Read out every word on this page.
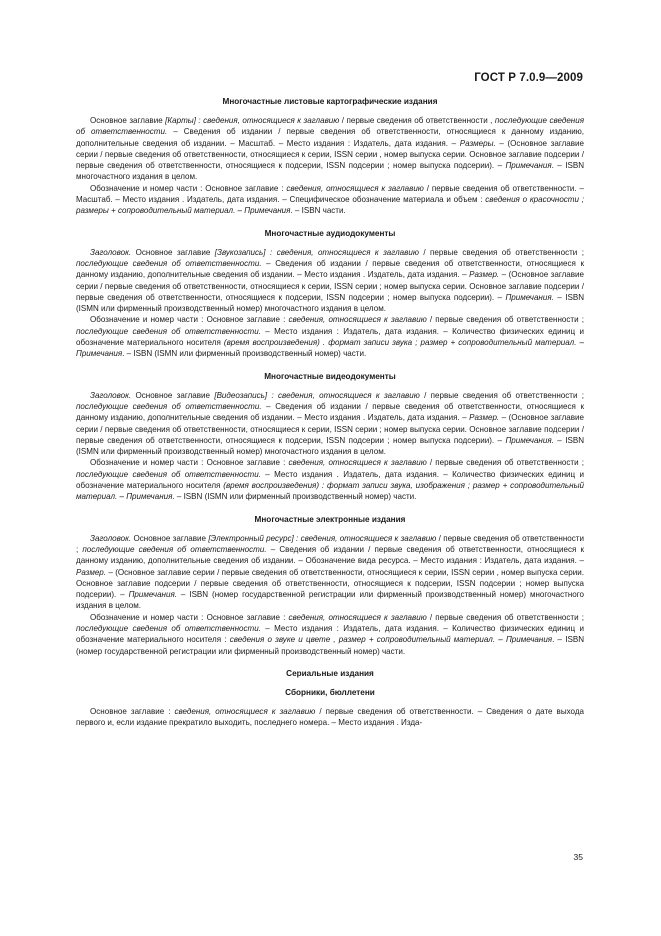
ГОСТ Р 7.0.9—2009
Многочастные листовые картографические издания

Основное заглавие [Карты] : сведения, относящиеся к заглавию / первые сведения об ответственности , последующие сведения об ответственности. – Сведения об издании / первые сведения об ответственности, относящиеся к данному изданию, дополнительные сведения об издании. – Масштаб. – Место издания : Издатель, дата издания. – Размеры. – (Основное заглавие серии / первые сведения об ответственности, относящиеся к серии, ISSN серии , номер выпуска серии. Основное заглавие подсерии / первые сведения об ответственности, относящиеся к подсерии, ISSN подсерии ; номер выпуска подсерии). – Примечания. – ISBN многочастного издания в целом.

Обозначение и номер части : Основное заглавие : сведения, относящиеся к заглавию / первые сведения об ответственности. – Масштаб. – Место издания . Издатель, дата издания. – Специфическое обозначение материала и объем : сведения о красочности ; размеры + сопроводительный материал. – Примечания. – ISBN части.

Многочастные аудиодокументы

Заголовок. Основное заглавие [Звукозапись] : сведения, относящиеся к заглавию / первые сведения об ответственности ; последующие сведения об ответственности. – Сведения об издании / первые сведения об ответственности, относящиеся к данному изданию, дополнительные сведения об издании. – Место издания . Издатель, дата издания. – Размер. – (Основное заглавие серии / первые сведения об ответственности, относящиеся к серии, ISSN серии ; номер выпуска серии. Основное заглавие подсерии / первые сведения об ответственности, относящиеся к подсерии, ISSN подсерии ; номер выпуска подсерии). – Примечания. – ISBN (ISMN или фирменный производственный номер) многочастного издания в целом.

Обозначение и номер части : Основное заглавие : сведения, относящиеся к заглавию / первые сведения об ответственности ; последующие сведения об ответственности. – Место издания : Издатель, дата издания. – Количество физических единиц и обозначение материального носителя (время воспроизведения) . формат записи звука ; размер + сопроводительный материал. – Примечания. – ISBN (ISMN или фирменный производственный номер) части.

Многочастные видеодокументы

Заголовок. Основное заглавие [Видеозапись] : сведения, относящиеся к заглавию / первые сведения об ответственности ; последующие сведения об ответственности. – Сведения об издании / первые сведения об ответственности, относящиеся к данному изданию, дополнительные сведения об издании. – Место издания . Издатель, дата издания. – Размер. – (Основное заглавие серии / первые сведения об ответственности, относящиеся к серии, ISSN серии ; номер выпуска серии. Основное заглавие подсерии / первые сведения об ответственности, относящиеся к подсерии, ISSN подсерии ; номер выпуска подсерии). – Примечания. – ISBN (ISMN или фирменный производственный номер) многочастного издания в целом.

Обозначение и номер части : Основное заглавие : сведения, относящиеся к заглавию / первые сведения об ответственности ; последующие сведения об ответственности. – Место издания . Издатель, дата издания. – Количество физических единиц и обозначение материального носителя (время воспроизведения) : формат записи звука, изображения ; размер + сопроводительный материал. – Примечания. – ISBN (ISMN или фирменный производственный номер) части.

Многочастные электронные издания

Заголовок. Основное заглавие [Электронный ресурс] : сведения, относящиеся к заглавию / первые сведения об ответственности ; последующие сведения об ответственности. – Сведения об издании / первые сведения об ответственности, относящиеся к данному изданию, дополнительные сведения об издании. – Обозначение вида ресурса. – Место издания : Издатель, дата издания. – Размер. – (Основное заглавие серии / первые сведения об ответственности, относящиеся к серии, ISSN серии , номер выпуска серии. Основное заглавие подсерии / первые сведения об ответственности, относящиеся к подсерии, ISSN подсерии ; номер выпуска подсерии). – Примечания. – ISBN (номер государственной регистрации или фирменный производственный номер) многочастного издания в целом.

Обозначение и номер части : Основное заглавие : сведения, относящиеся к заглавию / первые сведения об ответственности ; последующие сведения об ответственности. – Место издания : Издатель, дата издания. – Количество физических единиц и обозначение материального носителя : сведения о звуке и цвете , размер + сопроводительный материал. – Примечания. – ISBN (номер государственной регистрации или фирменный производственный номер) части.

Сериальные издания
Сборники, бюллетени

Основное заглавие : сведения, относящиеся к заглавию / первые сведения об ответственности. – Сведения о дате выхода первого и, если издание прекратило выходить, последнего номера. – Место издания . Изда-

35
